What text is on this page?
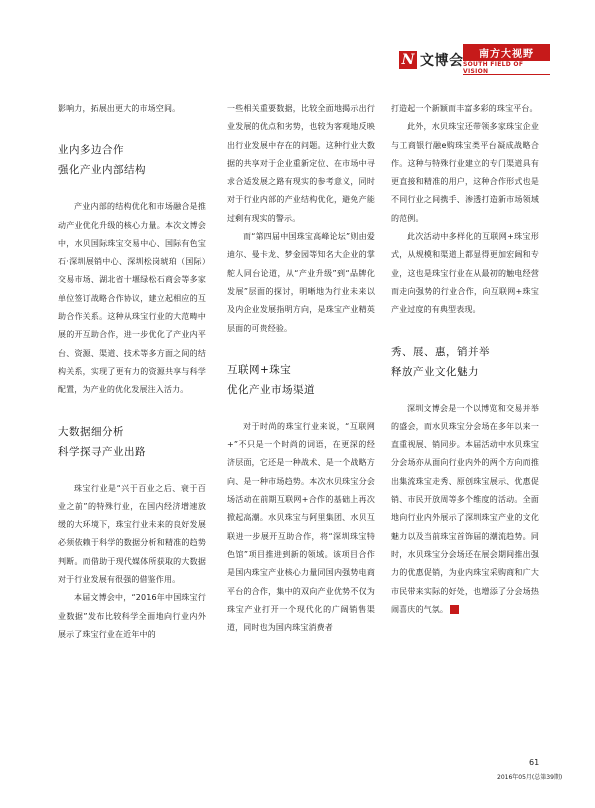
N 文博会	南方大视野
SOUTH FIELD OF VISION

影响力，拓展出更大的市场空间。

业内多边合作
强化产业内部结构

产业内部的结构优化和市场融合是推动产业优化升级的核心力量。本次文博会中，水贝国际珠宝交易中心、国际有色宝石·深圳展销中心、深圳松岗琥珀（国际）交易市场、湖北省十堰绿松石商会等多家单位签订战略合作协议，建立起相应的互助合作关系。这种从珠宝行业的大范畴中展的开互助合作，进一步优化了产业内平台、资源、渠道、技术等多方面之间的结构关系，实现了更有力的资源共享与科学配置，为产业的优化发展注入活力。

大数据细分析
科学探寻产业出路

珠宝行业是“兴于百业之后、衰于百业之前”的特殊行业，在国内经济增速放缓的大环境下，珠宝行业未来的良好发展必须依赖于科学的数据分析和精准的趋势判断。而借助于现代媒体所获取的大数据对于行业发展有很强的借鉴作用。

本届文博会中，“2016年中国珠宝行业数据”发布比较科学全面地向行业内外展示了珠宝行业在近年中的

一些相关重要数据，比较全面地揭示出行业发展的优点和劣势，也较为客观地反映出行业发展中存在的问题。这种行业大数据的共享对于企业重新定位、在市场中寻求合适发展之路有现实的参考意义，同时对于行业内部的产业结构优化，避免产能过剩有现实的警示。

而“第四届中国珠宝高峰论坛”则由爱迪尔、曼卡龙、梦金园等知名大企业的掌舵人同台论道，从“产业升级”到“品牌化发展”层面的探讨，明晰地为行业未来以及内企业发展指明方向，是珠宝产业精英层面的可贵经验。

互联网+珠宝
优化产业市场渠道

对于时尚的珠宝行业来说，“互联网+”不只是一个时尚的词语，在更深的经济层面，它还是一种战术、是一个战略方向、是一种市场趋势。本次水贝珠宝分会场活动在前期互联网+合作的基础上再次掀起高潮。水贝珠宝与阿里集团、水贝互联进一步展开互助合作，将“深圳珠宝特色馆”项目推进到新的领域。该项目合作是国内珠宝产业核心力量同国内强势电商平台的合作，集中的双向产业优势不仅为珠宝产业打开一个现代化的广阔销售渠道，同时也为国内珠宝消费者

打造起一个新颖而丰富多彩的珠宝平台。

此外，水贝珠宝还带领多家珠宝企业与工商银行融e购珠宝类平台凝成战略合作。这种与特殊行业建立的专门渠道具有更直接和精准的用户，这种合作形式也是不同行业之间携手、渗透打造新市场领域的范例。

此次活动中多样化的互联网+珠宝形式，从规模和渠道上都显得更加宏阔和专业，这也是珠宝行业在从最初的触电经营而走向强势的行业合作，向互联网+珠宝产业过度的有典型表现。

秀、展、惠，销并举
释放产业文化魅力

深圳文博会是一个以博览和交易并举的盛会，而水贝珠宝分会场在多年以来一直重视展、销同步。本届活动中水贝珠宝分会场亦从面向行业内外的两个方向而推出集流珠宝走秀、原创珠宝展示、优惠促销、市民开放周等多个维度的活动。全面地向行业内外展示了深圳珠宝产业的文化魅力以及当前珠宝首饰届的潮流趋势。同时，水贝珠宝分会场还在展会期间推出强力的优惠促销，为业内珠宝采购商和广大市民带来实际的好处，也增添了分会场热闹喜庆的气氛。	N

61
2016年05月(总第39期)
